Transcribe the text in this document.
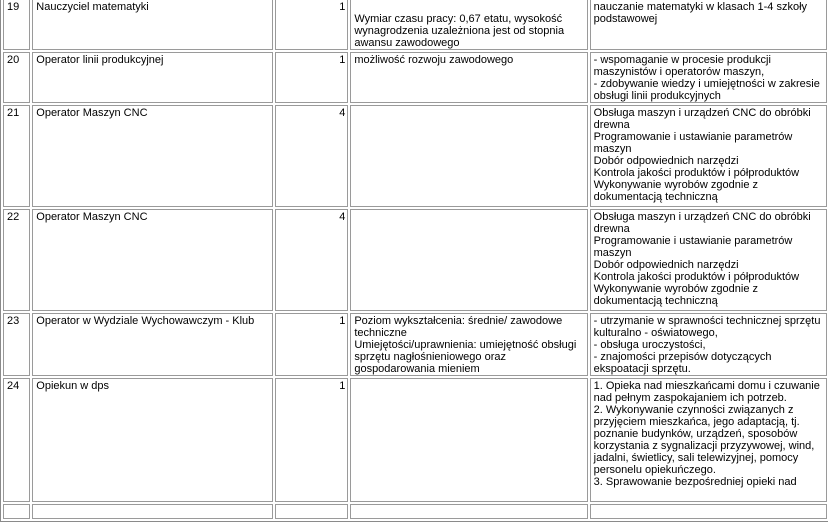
19	Nauczyciel matematyki	1	Wymiar czasu pracy: 0,67 etatu, wysokość wynagrodzenia uzależniona jest od stopnia awansu zawodowego	nauczanie matematyki w klasach 1-4 szkoły podstawowej

20	Operator linii produkcyjnej	1	możliwość rozwoju zawodowego	- wspomaganie w procesie produkcji maszynistów i operatorów maszyn,
- zdobywanie wiedzy i umiejętności w zakresie obsługi linii produkcyjnych

21	Operator Maszyn CNC	4		Obsługa maszyn i urządzeń CNC do obróbki drewna
Programowanie i ustawianie parametrów maszyn
Dobór odpowiednich narzędzi
Kontrola jakości produktów i półproduktów
Wykonywanie wyrobów zgodnie z dokumentacją techniczną

22	Operator Maszyn CNC	4		Obsługa maszyn i urządzeń CNC do obróbki drewna
Programowanie i ustawianie parametrów maszyn
Dobór odpowiednich narzędzi
Kontrola jakości produktów i półproduktów
Wykonywanie wyrobów zgodnie z dokumentacją techniczną

23	Operator w Wydziale Wychowawczym - Klub	1	Poziom wykształcenia: średnie/ zawodowe techniczne
Umiejętości/uprawnienia: umiejętność obsługi sprzętu nagłośnieniowego oraz gospodarowania mieniem	- utrzymanie w sprawności technicznej sprzętu kulturalno - oświatowego,
- obsługa uroczystości,
- znajomości przepisów dotyczących ekspoatacji sprzętu.

24	Opiekun w dps	1		1. Opieka nad mieszkańcami domu i czuwanie nad pełnym zaspokajaniem ich potrzeb.
2. Wykonywanie czynności związanych z przyjęciem mieszkańca, jego adaptacją, tj. poznanie budynków, urządzeń, sposobów korzystania z sygnalizacji przyzywowej, wind, jadalni, świetlicy, sali telewizyjnej, pomocy personelu opiekuńczego.
3. Sprawowanie bezpośredniej opieki nad
